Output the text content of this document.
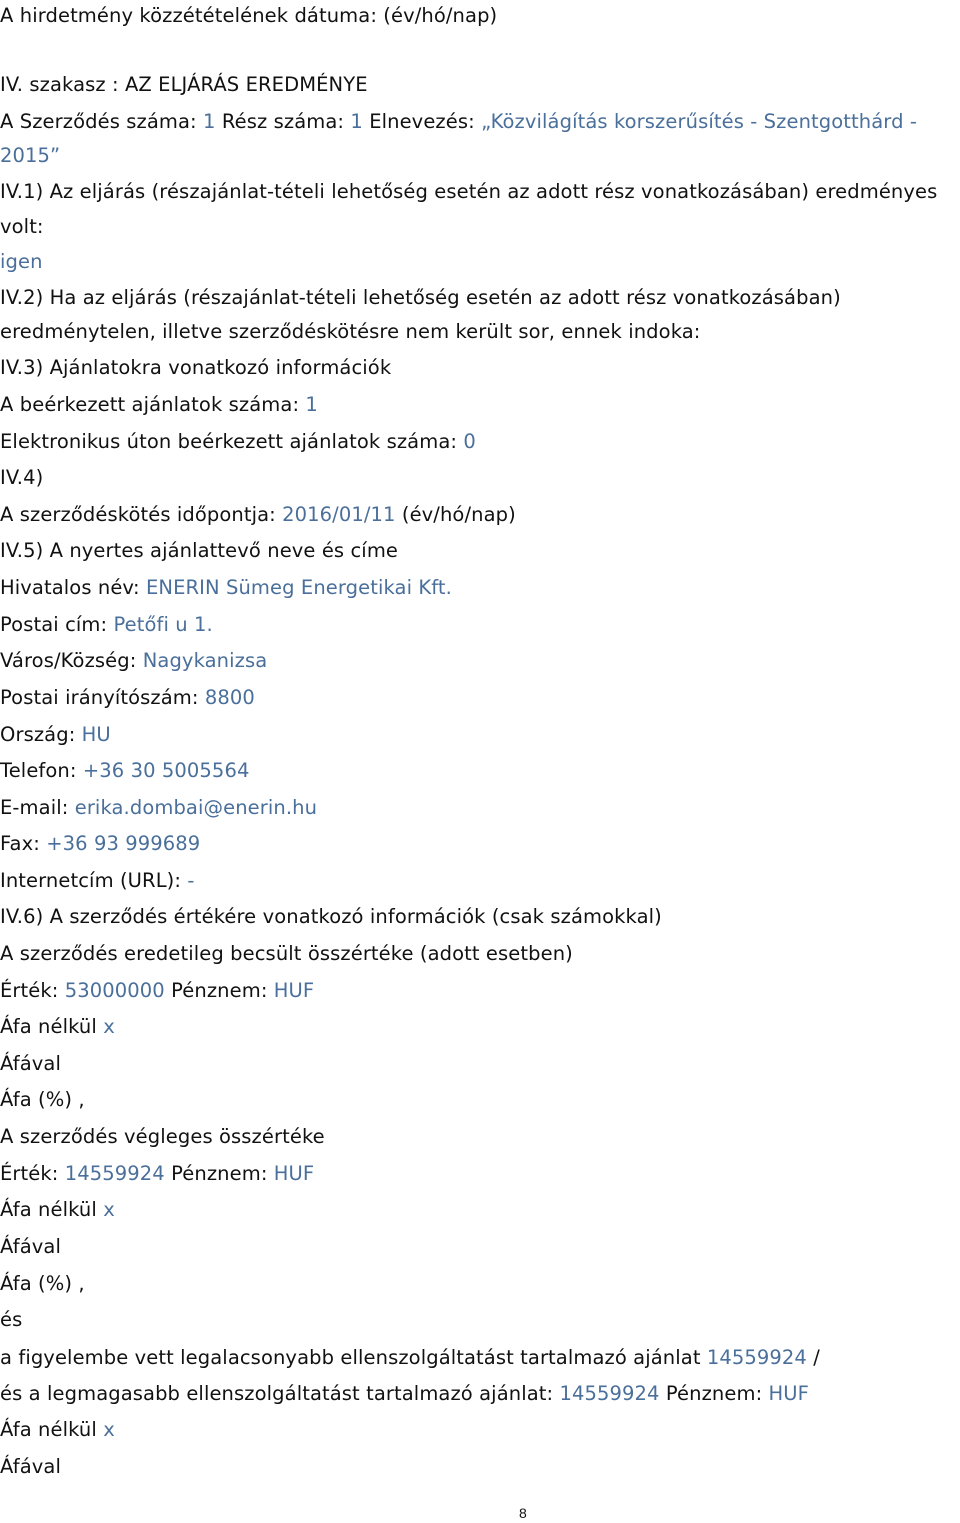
A hirdetmény közzétételének dátuma: (év/hó/nap)
IV. szakasz : AZ ELJÁRÁS EREDMÉNYE
A Szerződés száma: 1 Rész száma: 1 Elnevezés: „Közvilágítás korszerűsítés - Szentgotthárd -
2015”
IV.1) Az eljárás (részajánlat-tételi lehetőség esetén az adott rész vonatkozásában) eredményes
volt:
igen
IV.2) Ha az eljárás (részajánlat-tételi lehetőség esetén az adott rész vonatkozásában)
eredménytelen, illetve szerződéskötésre nem került sor, ennek indoka:
IV.3) Ajánlatokra vonatkozó információk
A beérkezett ajánlatok száma: 1
Elektronikus úton beérkezett ajánlatok száma: 0
IV.4)
A szerződéskötés időpontja: 2016/01/11 (év/hó/nap)
IV.5) A nyertes ajánlattevő neve és címe
Hivatalos név: ENERIN Sümeg Energetikai Kft.
Postai cím: Petőfi u 1.
Város/Község: Nagykanizsa
Postai irányítószám: 8800
Ország: HU
Telefon: +36 30 5005564
E-mail: erika.dombai@enerin.hu
Fax: +36 93 999689
Internetcím (URL): -
IV.6) A szerződés értékére vonatkozó információk (csak számokkal)
A szerződés eredetileg becsült összértéke (adott esetben)
Érték: 53000000 Pénznem: HUF
Áfa nélkül x
Áfával
Áfa (%) ,
A szerződés végleges összértéke
Érték: 14559924 Pénznem: HUF
Áfa nélkül x
Áfával
Áfa (%) ,
és
a figyelembe vett legalacsonyabb ellenszolgáltatást tartalmazó ajánlat 14559924 /
és a legmagasabb ellenszolgáltatást tartalmazó ajánlat: 14559924 Pénznem: HUF
Áfa nélkül x
Áfával
8
